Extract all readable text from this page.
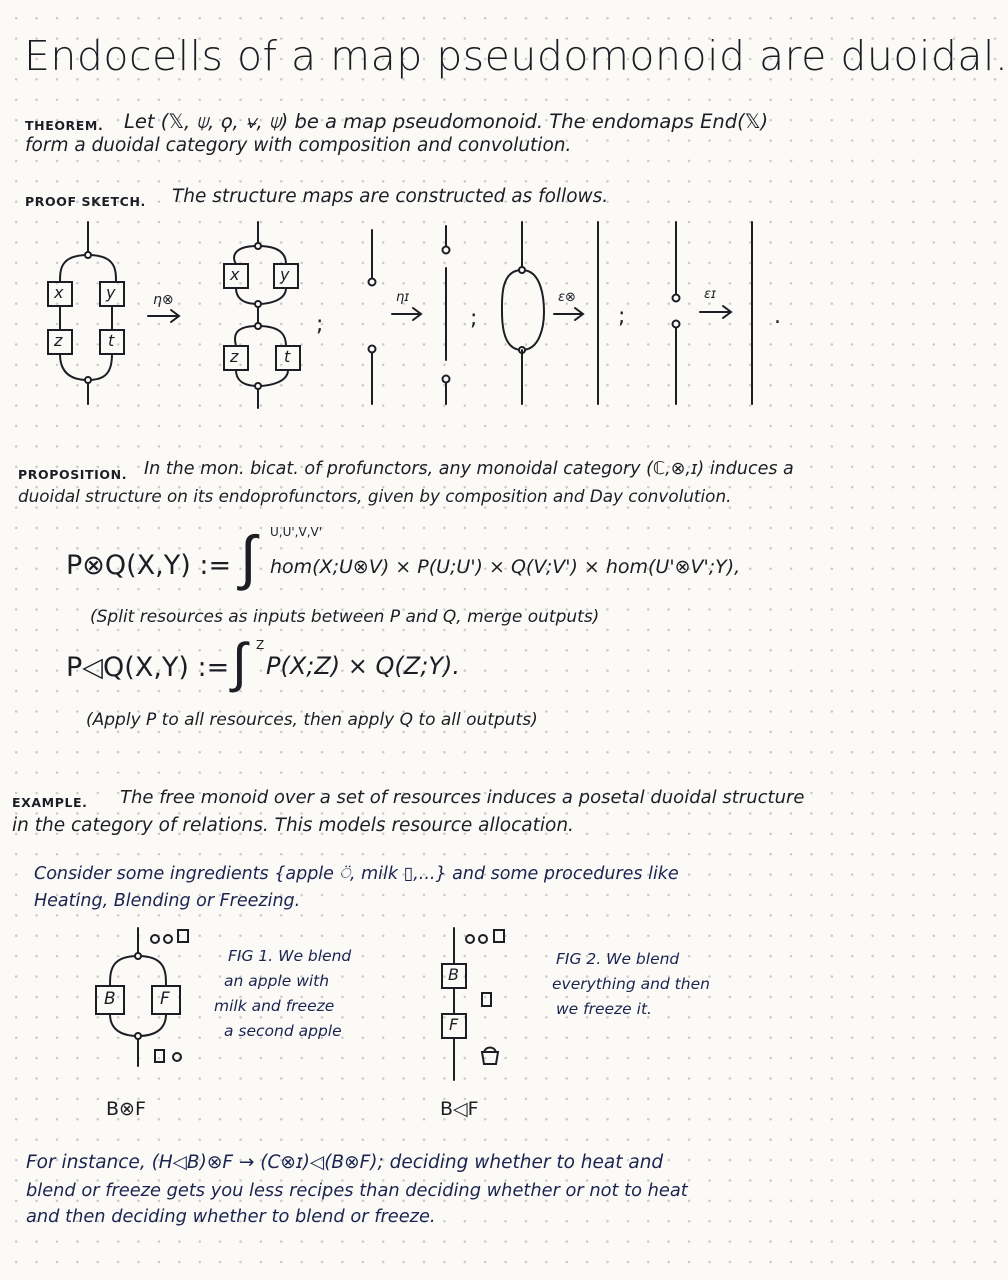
Endocells of a map pseudomonoid are duoidal.
THEOREM. Let (𝕏, ⍦, ϙ, ⍱, ⍦) be a map pseudomonoid. The endomaps End(𝕏)
form a duoidal category with composition and convolution.
PROOF SKETCH. The structure maps are constructed as follows.
x	y
z	t
x	y
z	t
η⊗	ηɪ	ε⊗	εɪ
;	;	;	.
PROPOSITION. In the mon. bicat. of profunctors, any monoidal category (ℂ,⊗,ɪ) induces a
duoidal structure on its endoprofunctors, given by composition and Day convolution.
P⊗Q(X,Y) := ∫ U,U',V,V'
hom(X;U⊗V) × P(U;U') × Q(V;V') × hom(U'⊗V';Y),
(Split resources as inputs between P and Q, merge outputs)
P◁Q(X,Y) := ∫ Z
P(X;Z) × Q(Z;Y).
(Apply P to all resources, then apply Q to all outputs)
EXAMPLE. The free monoid over a set of resources induces a posetal duoidal structure
in the category of relations. This models resource allocation.
Consider some ingredients {apple ⍥, milk ▯,...} and some procedures like
Heating, Blending or Freezing.
B	F
B
F
FIG 1. We blend
an apple with
milk and freeze
a second apple
FIG 2. We blend
everything and then
we freeze it.
B⊗F	B◁F
For instance, (H◁B)⊗F → (C⊗ɪ)◁(B⊗F); deciding whether to heat and
blend or freeze gets you less recipes than deciding whether or not to heat
and then deciding whether to blend or freeze.
